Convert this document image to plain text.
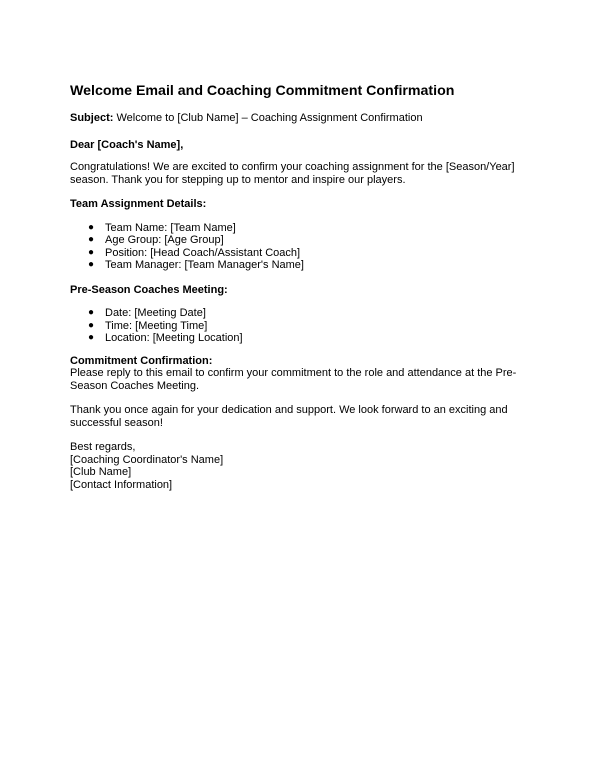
Welcome Email and Coaching Commitment Confirmation

Subject: Welcome to [Club Name] – Coaching Assignment Confirmation

Dear [Coach's Name],

Congratulations! We are excited to confirm your coaching assignment for the [Season/Year] season. Thank you for stepping up to mentor and inspire our players.

Team Assignment Details:

● Team Name: [Team Name]
● Age Group: [Age Group]
● Position: [Head Coach/Assistant Coach]
● Team Manager: [Team Manager's Name]

Pre-Season Coaches Meeting:

● Date: [Meeting Date]
● Time: [Meeting Time]
● Location: [Meeting Location]

Commitment Confirmation:

Please reply to this email to confirm your commitment to the role and attendance at the Pre-Season Coaches Meeting.

Thank you once again for your dedication and support. We look forward to an exciting and successful season!

Best regards,

[Coaching Coordinator's Name]

[Club Name]

[Contact Information]
